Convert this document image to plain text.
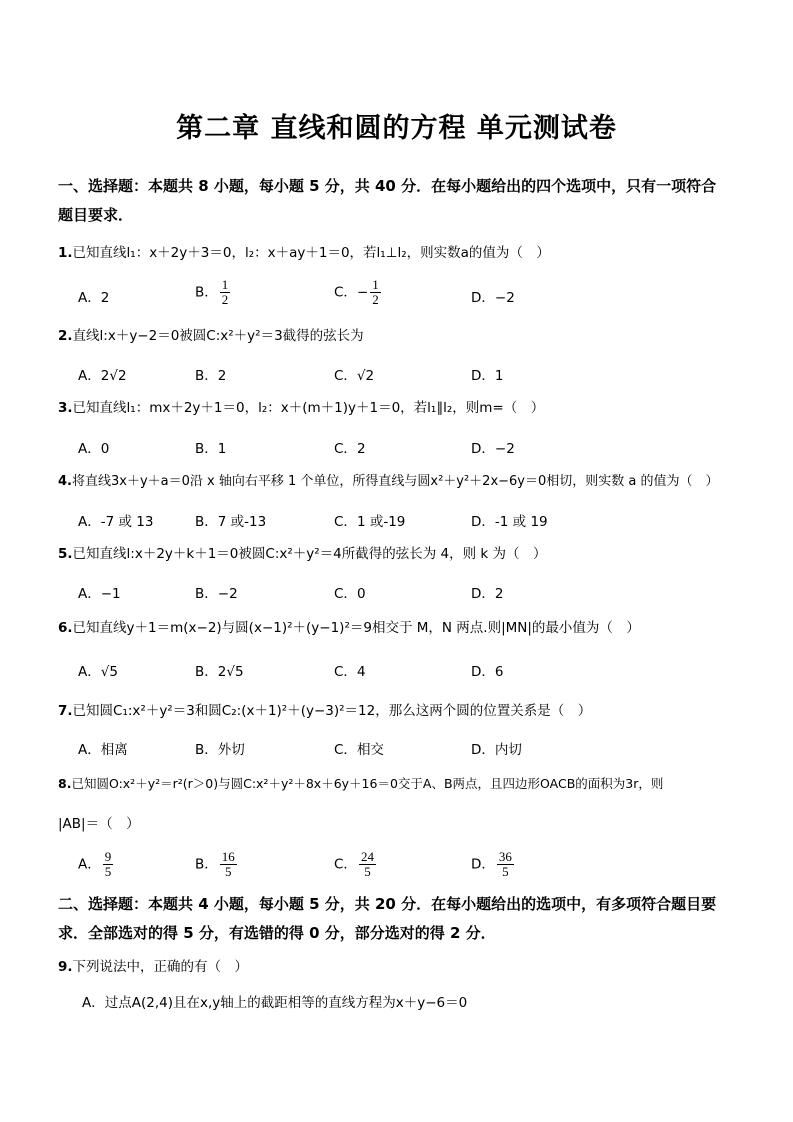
第二章 直线和圆的方程 单元测试卷
一、选择题：本题共 8 小题，每小题 5 分，共 40 分．在每小题给出的四个选项中，只有一项符合
题目要求．
1.已知直线l₁：x＋2y＋3＝0，l₂：x＋ay＋1＝0，若l₁⊥l₂，则实数a的值为（　）
A．2	B． $\frac{1}{2}$	C．− $\frac{1}{2}$	D．−2
2.直线l:x＋y−2＝0被圆C:x²＋y²＝3截得的弦长为
A．2√2	B．2	C．√2	D．1
3.已知直线l₁：mx＋2y＋1＝0，l₂：x＋(m＋1)y＋1＝0，若l₁∥l₂，则m=（　）
A．0	B．1	C．2	D．−2
4.将直线3x＋y＋a＝0沿 x 轴向右平移 1 个单位，所得直线与圆x²＋y²＋2x−6y＝0相切，则实数 a 的值为（　）
A．-7 或 13	B．7 或-13	C．1 或-19	D．-1 或 19
5.已知直线l:x＋2y＋k＋1＝0被圆C:x²＋y²＝4所截得的弦长为 4，则 k 为（　）
A．−1	B．−2	C．0	D．2
6.已知直线y＋1＝m(x−2)与圆(x−1)²＋(y−1)²＝9相交于 M，N 两点.则|MN|的最小值为（　）
A．√5	B．2√5	C．4	D．6
7.已知圆C₁:x²＋y²＝3和圆C₂:(x＋1)²＋(y−3)²＝12，那么这两个圆的位置关系是（　）
A．相离	B．外切	C．相交	D．内切
8.已知圆O:x²＋y²＝r²(r＞0)与圆C:x²＋y²＋8x＋6y＋16＝0交于A、B两点，且四边形OACB的面积为3r，则
|AB|＝（　）
A． $\frac{9}{5}$	B． $\frac{16}{5}$	C． $\frac{24}{5}$	D． $\frac{36}{5}$
二、选择题：本题共 4 小题，每小题 5 分，共 20 分．在每小题给出的选项中，有多项符合题目要
求．全部选对的得 5 分，有选错的得 0 分，部分选对的得 2 分．
9.下列说法中，正确的有（　）
A．过点A(2,4)且在x,y轴上的截距相等的直线方程为x＋y−6＝0
